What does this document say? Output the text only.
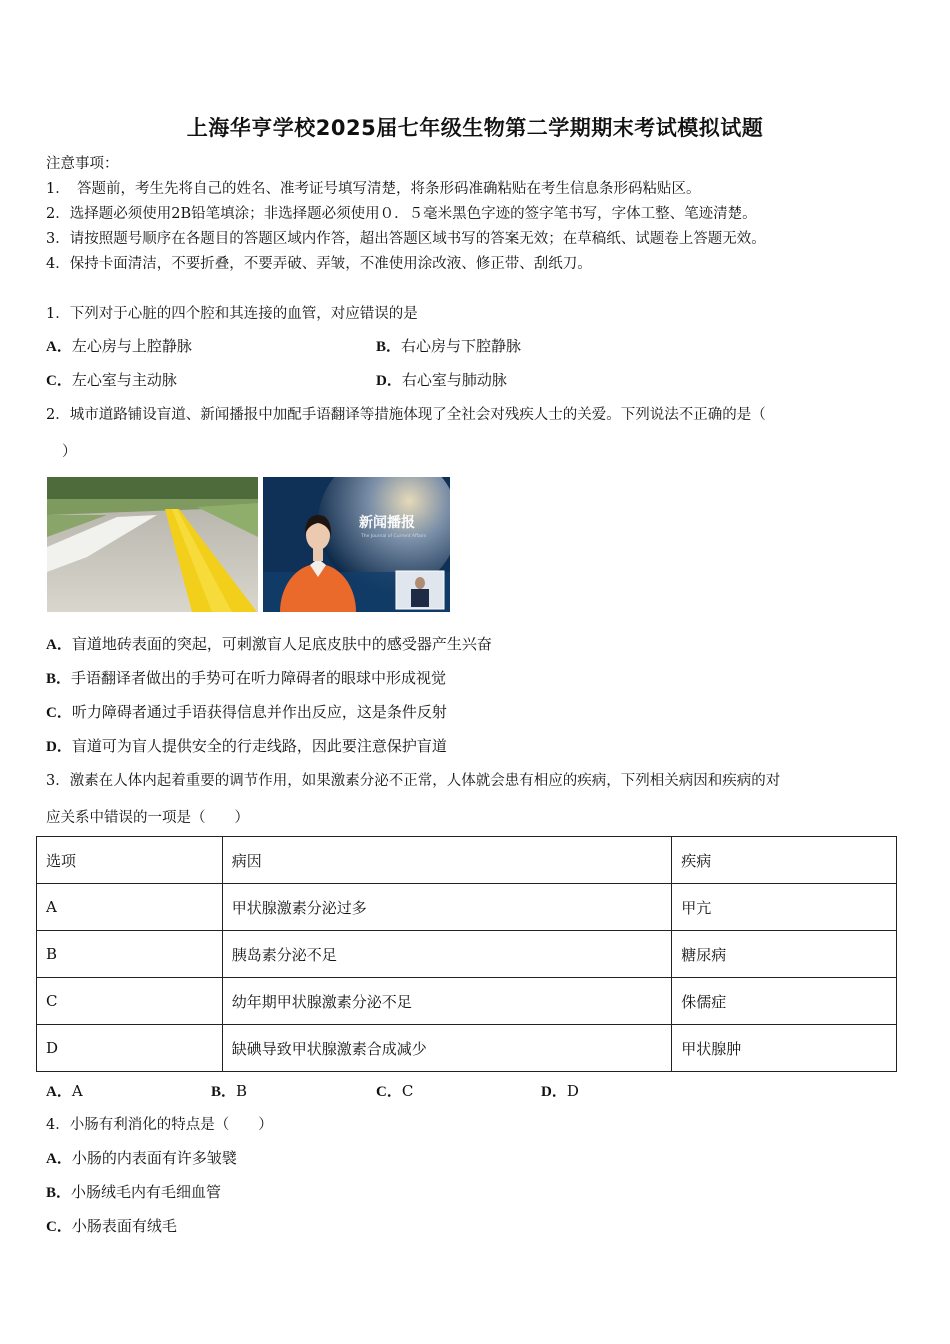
上海华亨学校2025届七年级生物第二学期期末考试模拟试题
注意事项：
1．　答题前，考生先将自己的姓名、准考证号填写清楚，将条形码准确粘贴在考生信息条形码粘贴区。
2．选择题必须使用2B铅笔填涂；非选择题必须使用０．５毫米黑色字迹的签字笔书写，字体工整、笔迹清楚。
3．请按照题号顺序在各题目的答题区域内作答，超出答题区域书写的答案无效；在草稿纸、试题卷上答题无效。
4．保持卡面清洁，不要折叠，不要弄破、弄皱，不准使用涂改液、修正带、刮纸刀。
1．下列对于心脏的四个腔和其连接的血管，对应错误的是
A．左心房与上腔静脉	B．右心房与下腔静脉
C．左心室与主动脉	D．右心室与肺动脉
2．城市道路铺设盲道、新闻播报中加配手语翻译等措施体现了全社会对残疾人士的关爱。下列说法不正确的是（
）
新闻播报
The Journal of Current Affairs
A．盲道地砖表面的突起，可刺激盲人足底皮肤中的感受器产生兴奋
B．手语翻译者做出的手势可在听力障碍者的眼球中形成视觉
C．听力障碍者通过手语获得信息并作出反应，这是条件反射
D．盲道可为盲人提供安全的行走线路，因此要注意保护盲道
3．激素在人体内起着重要的调节作用，如果激素分泌不正常，人体就会患有相应的疾病，下列相关病因和疾病的对
应关系中错误的一项是（　　）
选项	病因	疾病
A	甲状腺激素分泌过多	甲亢
B	胰岛素分泌不足	糖尿病
C	幼年期甲状腺激素分泌不足	侏儒症
D	缺碘导致甲状腺激素合成减少	甲状腺肿
A．A	B．B	C．C	D．D
4．小肠有利消化的特点是（　　）
A．小肠的内表面有许多皱襞
B．小肠绒毛内有毛细血管
C．小肠表面有绒毛
